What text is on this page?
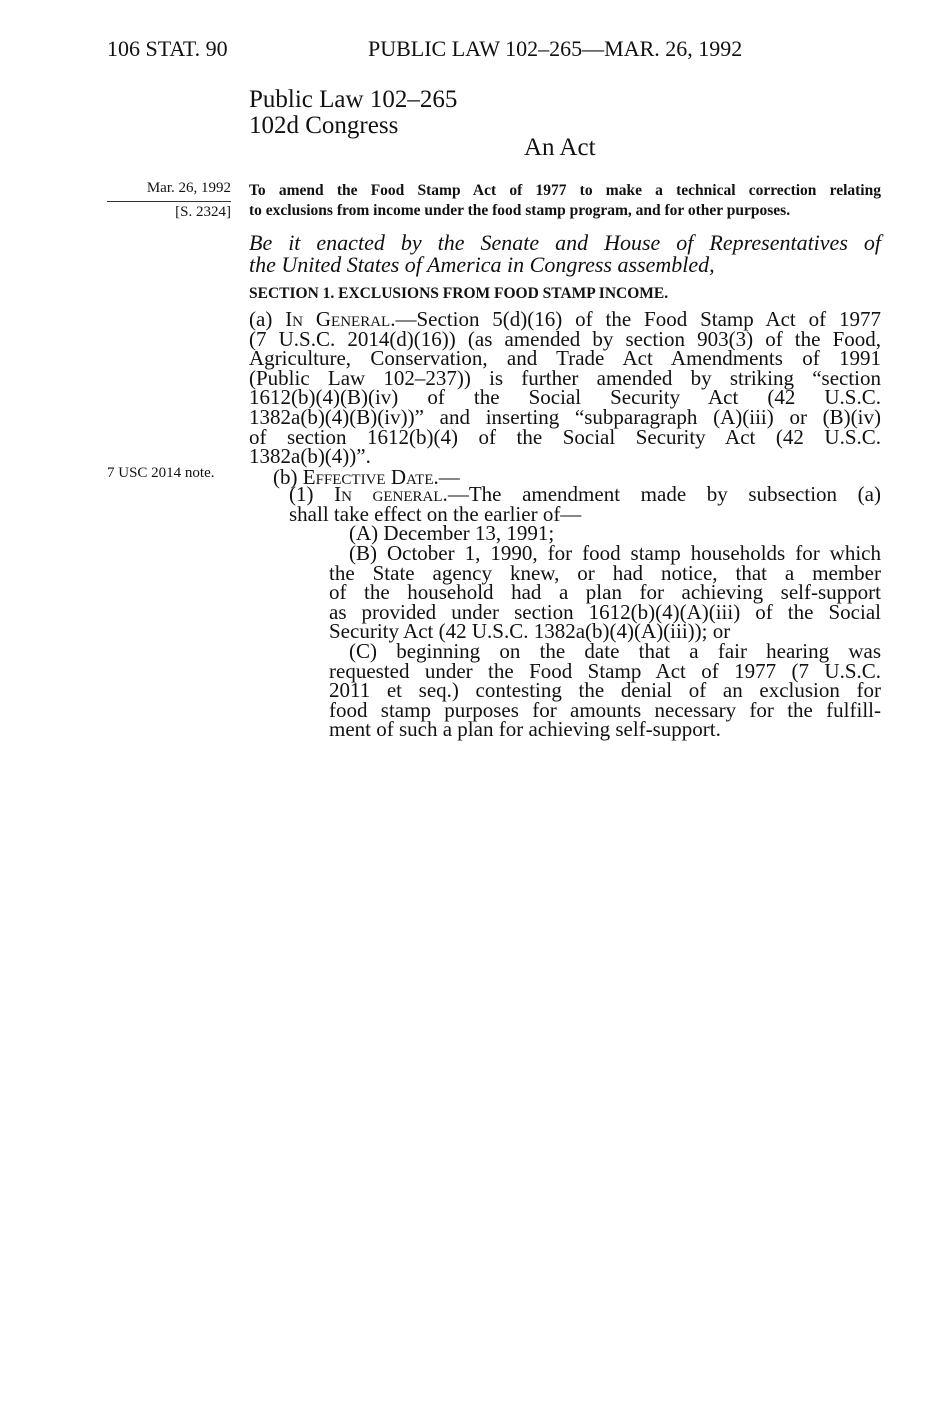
106 STAT. 90	PUBLIC LAW 102–265—MAR. 26, 1992
Public Law 102–265
102d Congress
An Act
Mar. 26, 1992
[S. 2324]
To amend the Food Stamp Act of 1977 to make a technical correction relating
to exclusions from income under the food stamp program, and for other purposes.
Be it enacted by the Senate and House of Representatives of
the United States of America in Congress assembled,
SECTION 1. EXCLUSIONS FROM FOOD STAMP INCOME.
(a) In General.—Section 5(d)(16) of the Food Stamp Act of 1977
(7 U.S.C. 2014(d)(16)) (as amended by section 903(3) of the Food,
Agriculture, Conservation, and Trade Act Amendments of 1991
(Public Law 102–237)) is further amended by striking “section
1612(b)(4)(B)(iv) of the Social Security Act (42 U.S.C.
1382a(b)(4)(B)(iv))” and inserting “subparagraph (A)(iii) or (B)(iv)
of section 1612(b)(4) of the Social Security Act (42 U.S.C.
1382a(b)(4))”.
7 USC 2014 note.	(b) Effective Date.—
(1) In general.—The amendment made by subsection (a)
shall take effect on the earlier of—
(A) December 13, 1991;
(B) October 1, 1990, for food stamp households for which
the State agency knew, or had notice, that a member
of the household had a plan for achieving self-support
as provided under section 1612(b)(4)(A)(iii) of the Social
Security Act (42 U.S.C. 1382a(b)(4)(A)(iii)); or
(C) beginning on the date that a fair hearing was
requested under the Food Stamp Act of 1977 (7 U.S.C.
2011 et seq.) contesting the denial of an exclusion for
food stamp purposes for amounts necessary for the fulfill-
ment of such a plan for achieving self-support.
